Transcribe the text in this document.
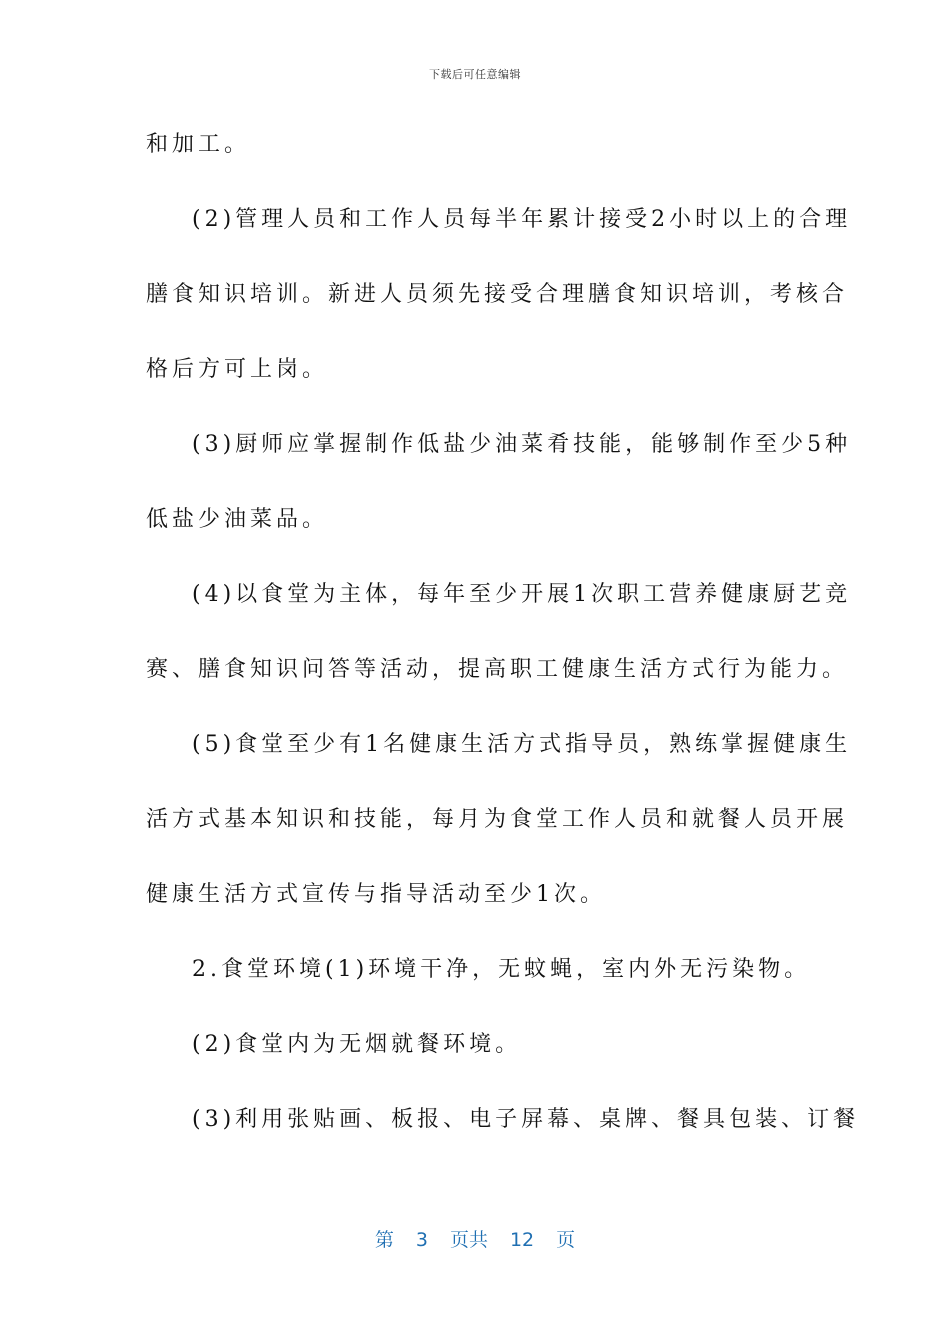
下载后可任意编辑
和加工。
(2)管理人员和工作人员每半年累计接受2小时以上的合理
膳食知识培训。新进人员须先接受合理膳食知识培训，考核合
格后方可上岗。
(3)厨师应掌握制作低盐少油菜肴技能，能够制作至少5种
低盐少油菜品。
(4)以食堂为主体，每年至少开展1次职工营养健康厨艺竞
赛、膳食知识问答等活动，提高职工健康生活方式行为能力。
(5)食堂至少有1名健康生活方式指导员，熟练掌握健康生
活方式基本知识和技能，每月为食堂工作人员和就餐人员开展
健康生活方式宣传与指导活动至少1次。
2.食堂环境(1)环境干净，无蚊蝇，室内外无污染物。
(2)食堂内为无烟就餐环境。
(3)利用张贴画、板报、电子屏幕、桌牌、餐具包装、订餐
第 3 页共 12 页
